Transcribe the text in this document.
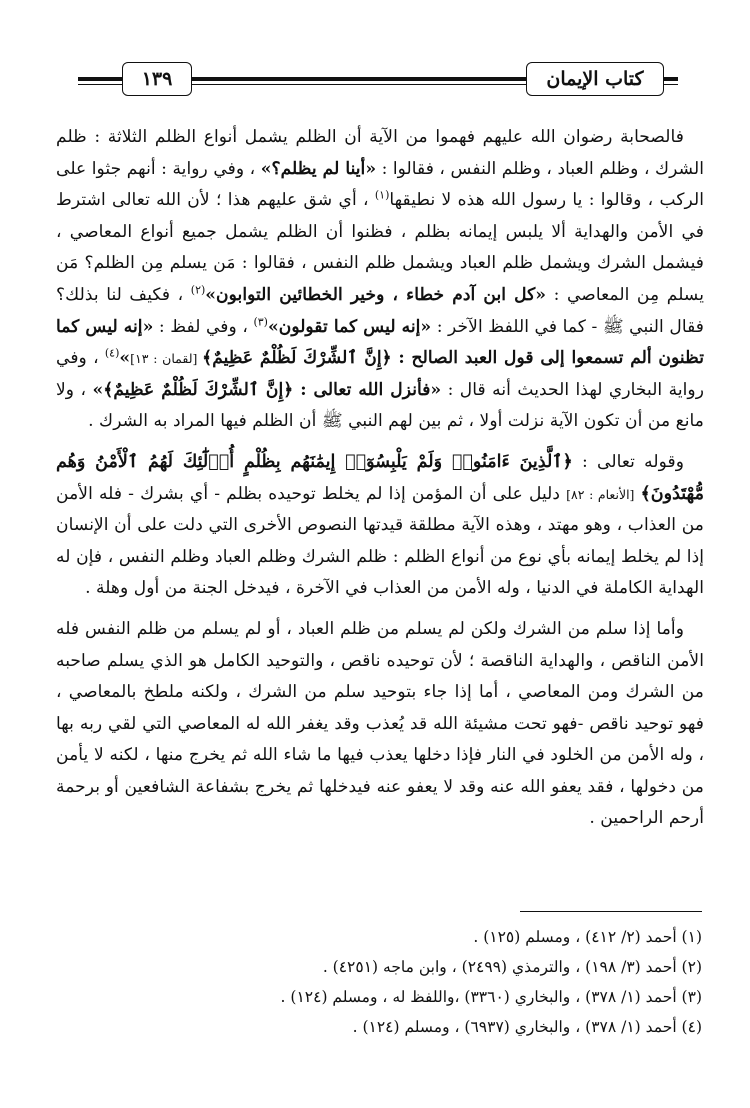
كتاب الإيمان
١٣٩

فالصحابة رضوان الله عليهم فهموا من الآية أن الظلم يشمل أنواع الظلم الثلاثة : ظلم الشرك ، وظلم العباد ، وظلم النفس ، فقالوا : «أينا لم يظلم؟» ، وفي رواية : أنهم جثوا على الركب ، وقالوا : يا رسول الله هذه لا نطيقها$^{(١)}$ ، أي شق عليهم هذا ؛ لأن الله تعالى اشترط في الأمن والهداية ألا يلبس إيمانه بظلم ، فظنوا أن الظلم يشمل جميع أنواع المعاصي ، فيشمل الشرك ويشمل ظلم العباد ويشمل ظلم النفس ، فقالوا : مَن يسلم مِن الظلم؟ مَن يسلم مِن المعاصي : «كل ابن آدم خطاء ، وخير الخطائين التوابون»$^{(٢)}$ ، فكيف لنا بذلك؟ فقال النبي ﷺ - كما في اللفظ الآخر : «إنه ليس كما تقولون»$^{(٣)}$ ، وفي لفظ : «إنه ليس كما تظنون ألم تسمعوا إلى قول العبد الصالح : ﴿إِنَّ ٱلشِّرْكَ لَظُلْمٌ عَظِيمٌ﴾ [لقمان : ١٣]»$^{(٤)}$ ، وفي رواية البخاري لهذا الحديث أنه قال : «فأنزل الله تعالى : ﴿إِنَّ ٱلشِّرْكَ لَظُلْمٌ عَظِيمٌ﴾» ، ولا مانع من أن تكون الآية نزلت أولا ، ثم بين لهم النبي ﷺ أن الظلم فيها المراد به الشرك .

وقوله تعالى : ﴿ٱلَّذِينَ ءَامَنُوا۟ وَلَمْ يَلْبِسُوٓا۟ إِيمَٰنَهُم بِظُلْمٍ أُو۟لَٰٓئِكَ لَهُمُ ٱلْأَمْنُ وَهُم مُّهْتَدُونَ﴾ [الأنعام : ٨٢] دليل على أن المؤمن إذا لم يخلط توحيده بظلم - أي بشرك - فله الأمن من العذاب ، وهو مهتد ، وهذه الآية مطلقة قيدتها النصوص الأخرى التي دلت على أن الإنسان إذا لم يخلط إيمانه بأي نوع من أنواع الظلم : ظلم الشرك وظلم العباد وظلم النفس ، فإن له الهداية الكاملة في الدنيا ، وله الأمن من العذاب في الآخرة ، فيدخل الجنة من أول وهلة .

وأما إذا سلم من الشرك ولكن لم يسلم من ظلم العباد ، أو لم يسلم من ظلم النفس فله الأمن الناقص ، والهداية الناقصة ؛ لأن توحيده ناقص ، والتوحيد الكامل هو الذي يسلم صاحبه من الشرك ومن المعاصي ، أما إذا جاء بتوحيد سلم من الشرك ، ولكنه ملطخ بالمعاصي ، فهو توحيد ناقص -فهو تحت مشيئة الله قد يُعذب وقد يغفر الله له المعاصي التي لقي ربه بها ، وله الأمن من الخلود في النار فإذا دخلها يعذب فيها ما شاء الله ثم يخرج منها ، لكنه لا يأمن من دخولها ، فقد يعفو الله عنه وقد لا يعفو عنه فيدخلها ثم يخرج بشفاعة الشافعين أو برحمة أرحم الراحمين .

(١) أحمد (٢/ ٤١٢) ، ومسلم (١٢٥) .
(٢) أحمد (٣/ ١٩٨) ، والترمذي (٢٤٩٩) ، وابن ماجه (٤٢٥١) .
(٣) أحمد (١/ ٣٧٨) ، والبخاري (٣٣٦٠) ،واللفظ له ، ومسلم (١٢٤) .
(٤) أحمد (١/ ٣٧٨) ، والبخاري (٦٩٣٧) ، ومسلم (١٢٤) .
